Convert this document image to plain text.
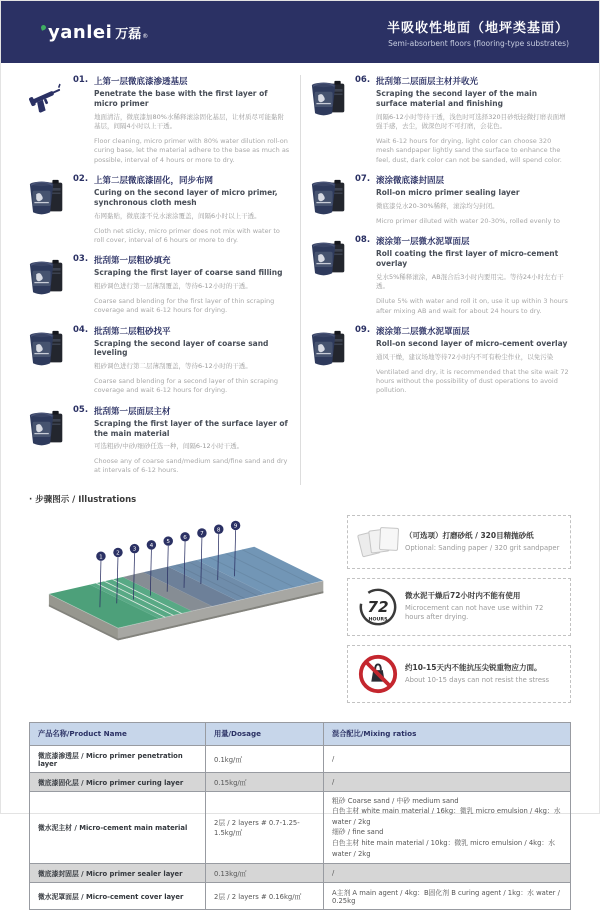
yanlei 万磊 ®
半吸收性地面（地坪类基面）
Semi-absorbent floors (flooring-type substrates)
01. 上第一层微底漆渗透基层
Penetrate the base with the first layer of micro primer

地面清洁，微底漆加80%水稀释滚涂固化基层，让材质尽可能黏附基层，间隔4小时以上干透。

Floor cleaning, micro primer with 80% water dilution roll-on curing base, let the material adhere to the base as much as possible, interval of 4 hours or more to dry.

02. 上第二层微底漆固化，同步布网
Curing on the second layer of micro primer, synchronous cloth mesh

布网黏贴，微底漆不兑水滚涂覆盖，间隔6小时以上干透。

Cloth net sticky, micro primer does not mix with water to roll cover, interval of 6 hours or more to dry.

03. 批刮第一层粗砂填充
Scraping the first layer of coarse sand filling

粗砂调色进行第一层薄刮覆盖，等待6-12小时的干透。

Coarse sand blending for the first layer of thin scraping coverage and wait 6-12 hours for drying.

04. 批刮第二层粗砂找平
Scraping the second layer of coarse sand leveling

粗砂调色进行第二层薄刮覆盖，等待6-12小时的干透。

Coarse sand blending for a second layer of thin scraping coverage and wait 6-12 hours for drying.

05. 批刮第一层面层主材
Scraping the first layer of the surface layer of the main material

可选粗砂/中砂/细砂任选一种，间隔6-12小时干透。

Choose any of coarse sand/medium sand/fine sand and dry at intervals of 6-12 hours.

06. 批刮第二层面层主材并收光
Scraping the second layer of the main surface material and finishing

间隔6-12小时等待干透，浅色时可选择320目砂纸轻微打磨表面增强手感，去尘，做深色时不可打磨，会花色。

Wait 6-12 hours for drying, light color can choose 320 mesh sandpaper lightly sand the surface to enhance the feel, dust, dark color can not be sanded, will spend color.

07. 滚涂微底漆封固层
Roll-on micro primer sealing layer

微底漆兑水20-30%稀释，滚涂均匀封闭。

Micro primer diluted with water 20-30%, rolled evenly to

08. 滚涂第一层微水泥罩面层
Roll coating the first layer of micro-cement overlay

兑水5%稀释滚涂，AB混合后3小时内要用完。等待24小时左右干透。

Dilute 5% with water and roll it on, use it up within 3 hours after mixing AB and wait for about 24 hours to dry.

09. 滚涂第二层微水泥罩面层
Roll-on second layer of micro-cement overlay

通风干燥，建议场地等待72小时内不可有粉尘作业，以免污染

Ventilated and dry, it is recommended that the site wait 72 hours without the possibility of dust operations to avoid pollution.

· 步骤图示 / Illustrations
1
2
3
4
5
6
7
8
9
（可选项）打磨砂纸 / 320目精抛砂纸
Optional: Sanding paper / 320 grit sandpaper
72
HOURS
微水泥干燥后72小时内不能有使用
Microcement can not have use within 72 hours after drying.
约10-15天内不能抗压尖锐重物应力面。
About 10-15 days can not resist the stress
产品名称/Product Name	用量/Dosage	混合配比/Mixing ratios
微底漆渗透层 / Micro primer penetration layer	0.1kg/㎡	/
微底漆固化层 / Micro primer curing layer	0.15kg/㎡	/
微水泥主材 / Micro-cement main material	2层 / 2 layers # 0.7-1.25-1.5kg/㎡	粗砂 Coarse sand / 中砂 medium sand
白色主材 white main material / 16kg：微乳 micro emulsion / 4kg：水 water / 2kg
细砂 / fine sand
白色主材 hite main material / 10kg：微乳 micro emulsion / 4kg：水 water / 2kg

微底漆封固层 / Micro primer sealer layer	0.13kg/㎡	/
微水泥罩面层 / Micro-cement cover layer	2层 / 2 layers # 0.16kg/㎡	A主剂 A main agent / 4kg：B固化剂 B curing agent / 1kg：水 water / 0.25kg
